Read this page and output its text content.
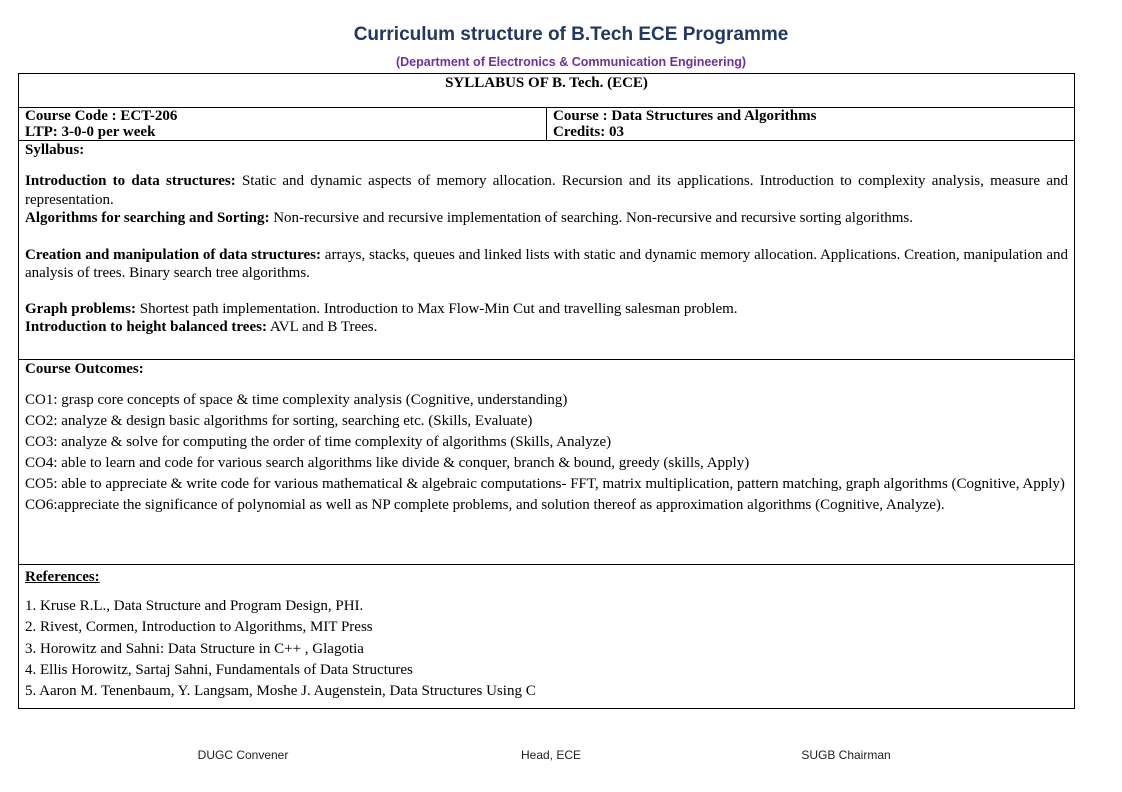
Curriculum structure of B.Tech ECE Programme
(Department of Electronics & Communication Engineering)
SYLLABUS OF B. Tech. (ECE)

Course Code : ECT-206
LTP: 3-0-0 per week

Course : Data Structures and Algorithms
Credits: 03

Syllabus:
Introduction to data structures: Static and dynamic aspects of memory allocation. Recursion and its applications. Introduction to complexity analysis, measure and representation.
Algorithms for searching and Sorting: Non-recursive and recursive implementation of searching. Non-recursive and recursive sorting algorithms.
Creation and manipulation of data structures: arrays, stacks, queues and linked lists with static and dynamic memory allocation. Applications. Creation, manipulation and analysis of trees. Binary search tree algorithms.
Graph problems: Shortest path implementation. Introduction to Max Flow-Min Cut and travelling salesman problem.
Introduction to height balanced trees: AVL and B Trees.

Course Outcomes:
CO1: grasp core concepts of space & time complexity analysis (Cognitive, understanding)
CO2: analyze & design basic algorithms for sorting, searching etc. (Skills, Evaluate)
CO3: analyze & solve for computing the order of time complexity of algorithms (Skills, Analyze)
CO4: able to learn and code for various search algorithms like divide & conquer, branch & bound, greedy (skills, Apply)
CO5: able to appreciate & write code for various mathematical & algebraic computations- FFT, matrix multiplication, pattern matching, graph algorithms (Cognitive, Apply)
CO6:appreciate the significance of polynomial as well as NP complete problems, and solution thereof as approximation algorithms (Cognitive, Analyze).

References:
1. Kruse R.L., Data Structure and Program Design, PHI.
2. Rivest, Cormen, Introduction to Algorithms, MIT Press
3. Horowitz and Sahni: Data Structure in C++ , Glagotia
4. Ellis Horowitz, Sartaj Sahni, Fundamentals of Data Structures
5. Aaron M. Tenenbaum, Y. Langsam, Moshe J. Augenstein, Data Structures Using C
DUGC Convener	Head, ECE	SUGB Chairman
